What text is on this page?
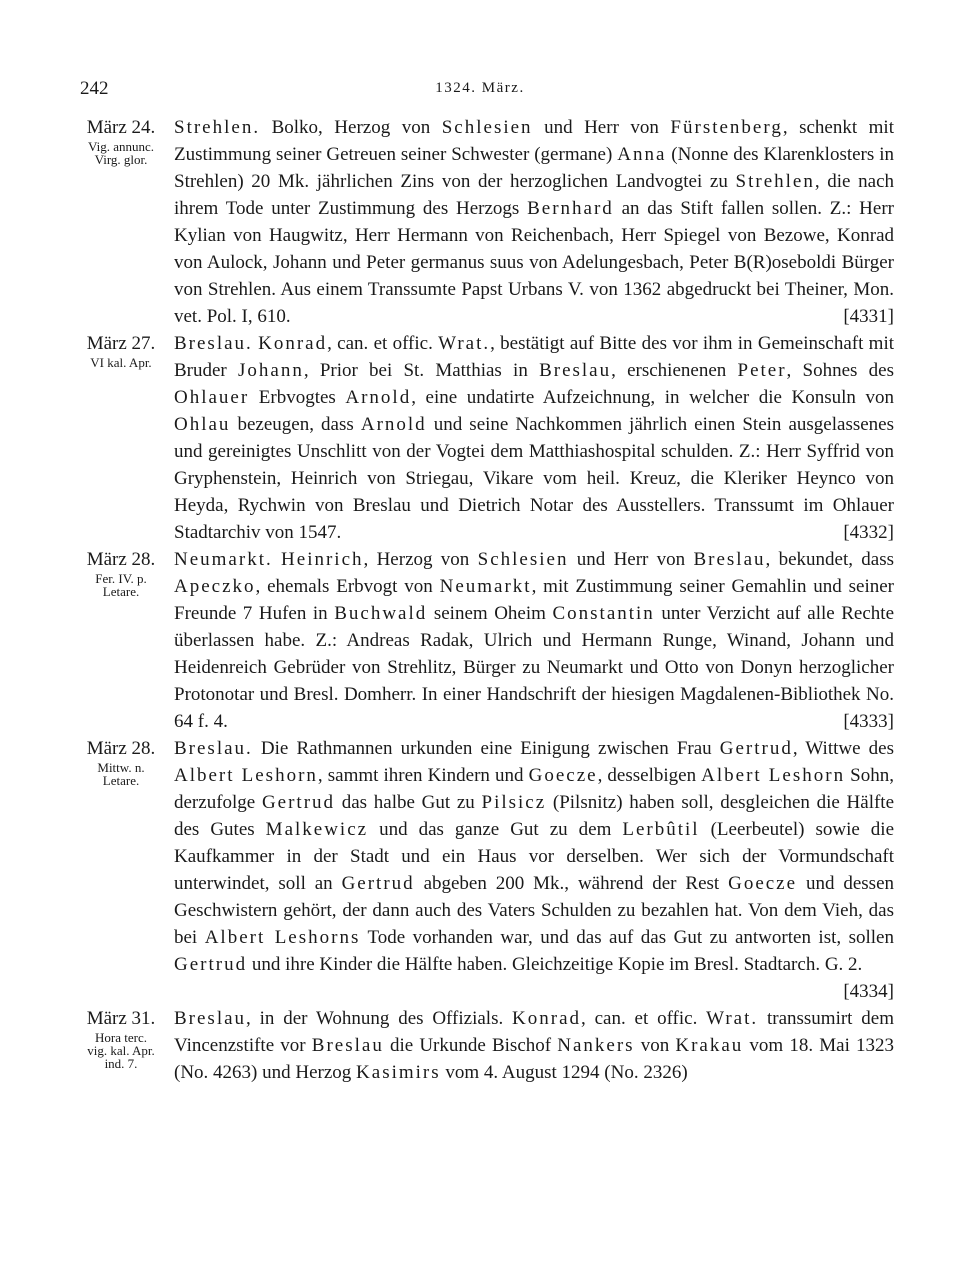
242	1324. März.
März 24.
Vig. annunc.
Virg. glor.

Strehlen. Bolko, Herzog von Schlesien und Herr von Fürstenberg, schenkt mit Zustimmung seiner Getreuen seiner Schwester (germane) Anna (Nonne des Klarenklosters in Strehlen) 20 Mk. jährlichen Zins von der herzoglichen Landvogtei zu Strehlen, die nach ihrem Tode unter Zustimmung des Herzogs Bernhard an das Stift fallen sollen. Z.: Herr Kylian von Haugwitz, Herr Hermann von Reichenbach, Herr Spiegel von Bezowe, Konrad von Aulock, Johann und Peter germanus suus von Adelungesbach, Peter B(R)oseboldi Bürger von Strehlen. Aus einem Transsumte Papst Urbans V. von 1362 abgedruckt bei Theiner, Mon. vet. Pol. I, 610.	[4331]

März 27.
VI kal. Apr.

Breslau. Konrad, can. et offic. Wrat., bestätigt auf Bitte des vor ihm in Gemeinschaft mit Bruder Johann, Prior bei St. Matthias in Breslau, erschienenen Peter, Sohnes des Ohlauer Erbvogtes Arnold, eine undatirte Aufzeichnung, in welcher die Konsuln von Ohlau bezeugen, dass Arnold und seine Nachkommen jährlich einen Stein ausgelassenes und gereinigtes Unschlitt von der Vogtei dem Matthiashospital schulden. Z.: Herr Syffrid von Gryphenstein, Heinrich von Striegau, Vikare vom heil. Kreuz, die Kleriker Heynco von Heyda, Rychwin von Breslau und Dietrich Notar des Ausstellers. Transsumt im Ohlauer Stadtarchiv von 1547.	[4332]

März 28.
Fer. IV. p.
Letare.

Neumarkt. Heinrich, Herzog von Schlesien und Herr von Breslau, bekundet, dass Apeczko, ehemals Erbvogt von Neumarkt, mit Zustimmung seiner Gemahlin und seiner Freunde 7 Hufen in Buchwald seinem Oheim Constantin unter Verzicht auf alle Rechte überlassen habe. Z.: Andreas Radak, Ulrich und Hermann Runge, Winand, Johann und Heidenreich Gebrüder von Strehlitz, Bürger zu Neumarkt und Otto von Donyn herzoglicher Protonotar und Bresl. Domherr. In einer Handschrift der hiesigen Magdalenen-Bibliothek No. 64 f. 4.	[4333]

März 28.
Mittw. n.
Letare.

Breslau. Die Rathmannen urkunden eine Einigung zwischen Frau Gertrud, Wittwe des Albert Leshorn, sammt ihren Kindern und Goecze, desselbigen Albert Leshorn Sohn, derzufolge Gertrud das halbe Gut zu Pilsicz (Pilsnitz) haben soll, desgleichen die Hälfte des Gutes Malkewicz und das ganze Gut zu dem Lerbûtil (Leerbeutel) sowie die Kaufkammer in der Stadt und ein Haus vor derselben. Wer sich der Vormundschaft unterwindet, soll an Gertrud abgeben 200 Mk., während der Rest Goecze und dessen Geschwistern gehört, der dann auch des Vaters Schulden zu bezahlen hat. Von dem Vieh, das bei Albert Leshorns Tode vorhanden war, und das auf das Gut zu antworten ist, sollen Gertrud und ihre Kinder die Hälfte haben. Gleichzeitige Kopie im Bresl. Stadtarch. G. 2.
[4334]

März 31.
Hora terc.
vig. kal. Apr.
ind. 7.

Breslau, in der Wohnung des Offizials. Konrad, can. et offic. Wrat. transsumirt dem Vincenzstifte vor Breslau die Urkunde Bischof Nankers von Krakau vom 18. Mai 1323 (No. 4263) und Herzog Kasimirs vom 4. August 1294 (No. 2326)
